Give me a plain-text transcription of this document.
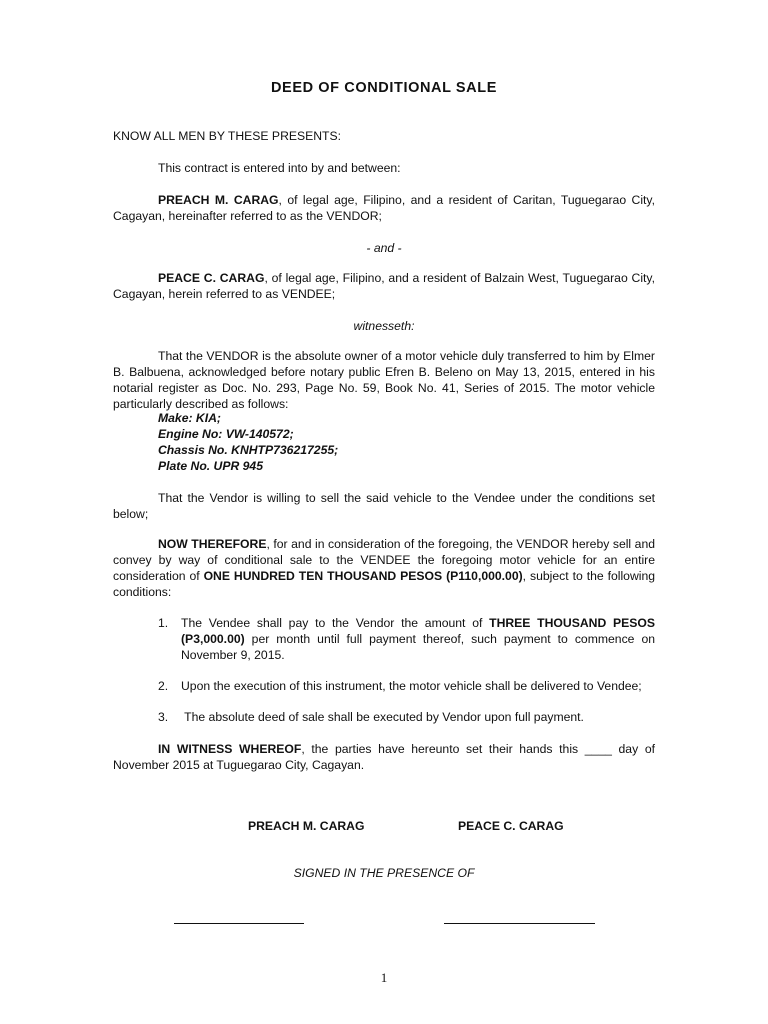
DEED OF CONDITIONAL SALE
KNOW ALL MEN BY THESE PRESENTS:
This contract is entered into by and between:
PREACH M. CARAG, of legal age, Filipino, and a resident of Caritan, Tuguegarao City, Cagayan, hereinafter referred to as the VENDOR;
- and -
PEACE C. CARAG, of legal age, Filipino, and a resident of Balzain West, Tuguegarao City, Cagayan, herein referred to as VENDEE;
witnesseth:
That the VENDOR is the absolute owner of a motor vehicle duly transferred to him by Elmer B. Balbuena, acknowledged before notary public Efren B. Beleno on May 13, 2015, entered in his notarial register as Doc. No. 293, Page No. 59, Book No. 41, Series of 2015. The motor vehicle particularly described as follows:
Make: KIA;
Engine No: VW-140572;
Chassis No. KNHTP736217255;
Plate No. UPR 945
That the Vendor is willing to sell the said vehicle to the Vendee under the conditions set below;
NOW THEREFORE, for and in consideration of the foregoing, the VENDOR hereby sell and convey by way of conditional sale to the VENDEE the foregoing motor vehicle for an entire consideration of ONE HUNDRED TEN THOUSAND PESOS (P110,000.00), subject to the following conditions:
1. The Vendee shall pay to the Vendor the amount of THREE THOUSAND PESOS (P3,000.00) per month until full payment thereof, such payment to commence on November 9, 2015.
2. Upon the execution of this instrument, the motor vehicle shall be delivered to Vendee;
3. The absolute deed of sale shall be executed by Vendor upon full payment.
IN WITNESS WHEREOF, the parties have hereunto set their hands this ____ day of November 2015 at Tuguegarao City, Cagayan.
PREACH M. CARAG	PEACE C. CARAG
SIGNED IN THE PRESENCE OF
1
